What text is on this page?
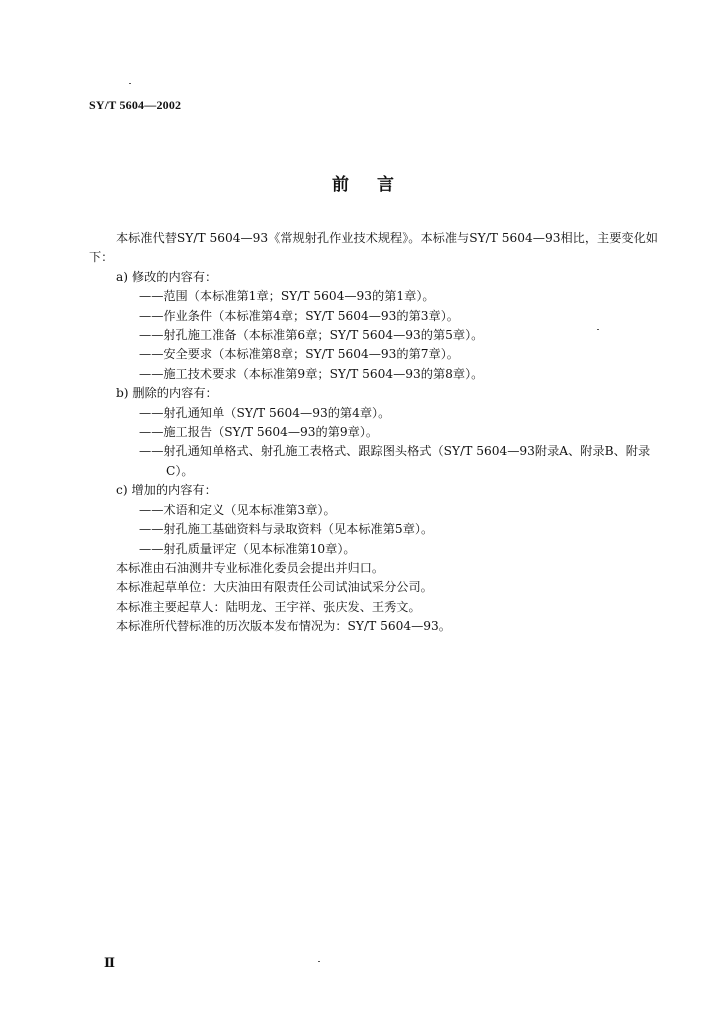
SY/T 5604—2002
前言

本标准代替SY/T 5604—93《常规射孔作业技术规程》。本标准与SY/T 5604—93相比，主要变化如下：

a) 修改的内容有：

——范围（本标准第1章；SY/T 5604—93的第1章）。

——作业条件（本标准第4章；SY/T 5604—93的第3章）。

——射孔施工准备（本标准第6章；SY/T 5604—93的第5章）。

——安全要求（本标准第8章；SY/T 5604—93的第7章）。

——施工技术要求（本标准第9章；SY/T 5604—93的第8章）。

b) 删除的内容有：

——射孔通知单（SY/T 5604—93的第4章）。

——施工报告（SY/T 5604—93的第9章）。

——射孔通知单格式、射孔施工表格式、跟踪图头格式（SY/T 5604—93附录A、附录B、附录C）。

c) 增加的内容有：

——术语和定义（见本标准第3章）。

——射孔施工基础资料与录取资料（见本标准第5章）。

——射孔质量评定（见本标准第10章）。

本标准由石油测井专业标准化委员会提出并归口。

本标准起草单位：大庆油田有限责任公司试油试采分公司。

本标准主要起草人：陆明龙、王宇祥、张庆发、王秀文。

本标准所代替标准的历次版本发布情况为：SY/T 5604—93。

Ⅱ
